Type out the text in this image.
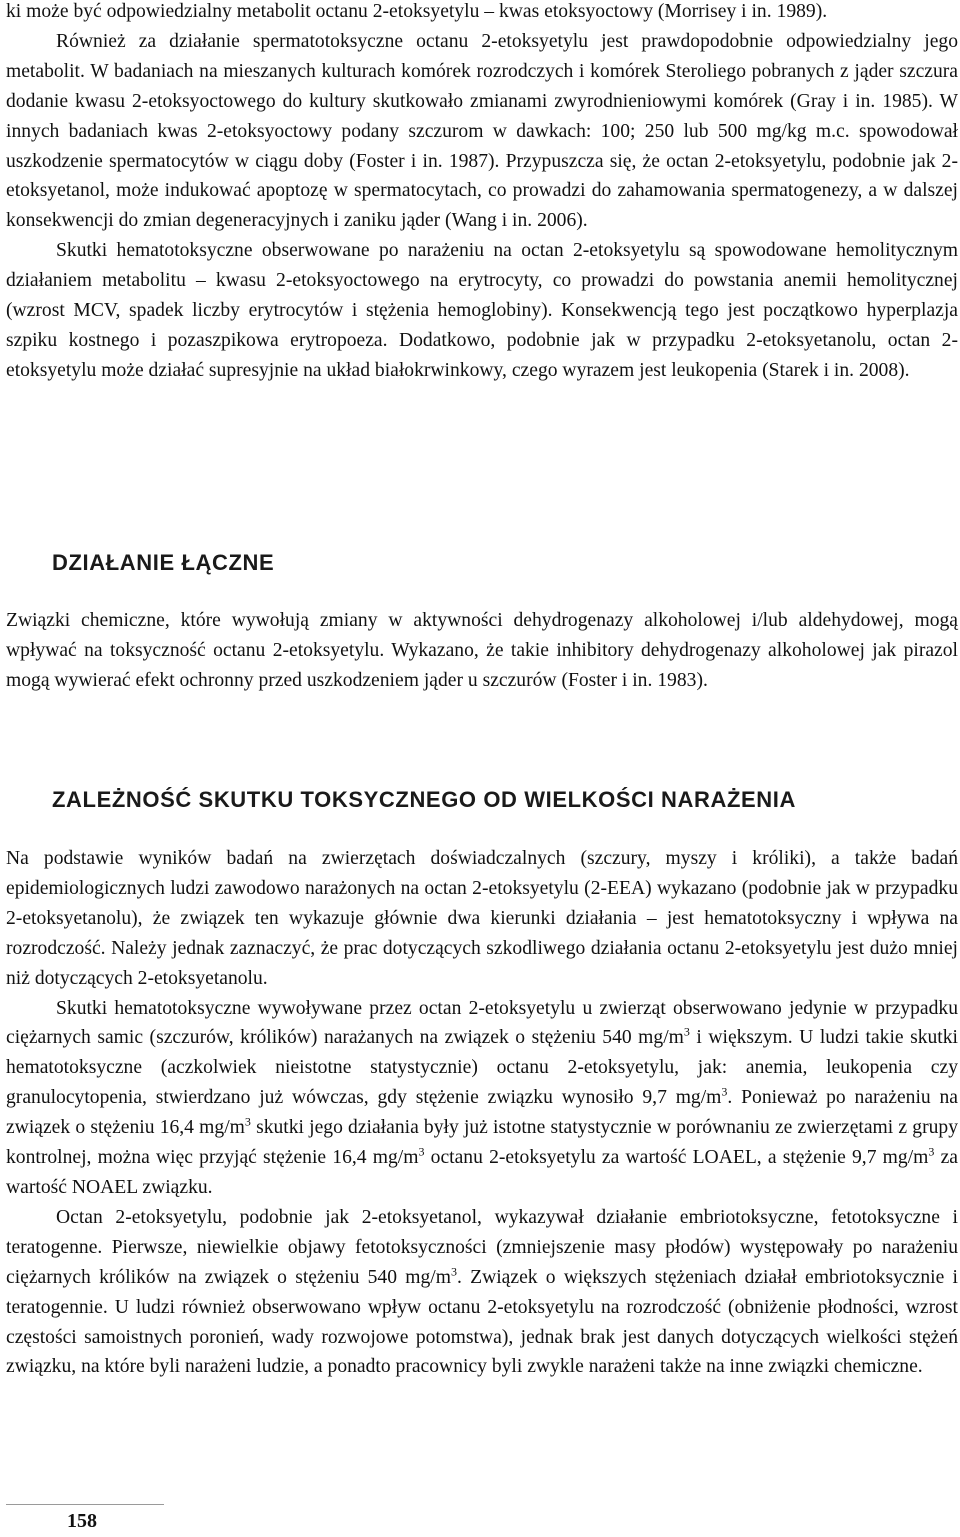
ki może być odpowiedzialny metabolit octanu 2-etoksyetylu – kwas etoksyoctowy (Morrisey i in. 1989).

Również za działanie spermatotoksyczne octanu 2-etoksyetylu jest prawdopodobnie odpowiedzialny jego metabolit. W badaniach na mieszanych kulturach komórek rozrodczych i komórek Steroliego pobranych z jąder szczura dodanie kwasu 2-etoksyoctowego do kultury skutkowało zmianami zwyrodnieniowymi komórek (Gray i in. 1985). W innych badaniach kwas 2-etoksyoctowy podany szczurom w dawkach: 100; 250 lub 500 mg/kg m.c. spowodował uszkodzenie spermatocytów w ciągu doby (Foster i in. 1987). Przypuszcza się, że octan 2-etoksyetylu, podobnie jak 2-etoksyetanol, może indukować apoptozę w spermatocytach, co prowadzi do zahamowania spermatogenezy, a w dalszej konsekwencji do zmian degeneracyjnych i zaniku jąder (Wang i in. 2006).

Skutki hematotoksyczne obserwowane po narażeniu na octan 2-etoksyetylu są spowodowane hemolitycznym działaniem metabolitu – kwasu 2-etoksyoctowego na erytrocyty, co prowadzi do powstania anemii hemolitycznej (wzrost MCV, spadek liczby erytrocytów i stężenia hemoglobiny). Konsekwencją tego jest początkowo hyperplazja szpiku kostnego i pozaszpikowa erytropoeza. Dodatkowo, podobnie jak w przypadku 2-etoksyetanolu, octan 2-etoksyetylu może działać supresyjnie na układ białokrwinkowy, czego wyrazem jest leukopenia (Starek i in. 2008).

DZIAŁANIE ŁĄCZNE

Związki chemiczne, które wywołują zmiany w aktywności dehydrogenazy alkoholowej i/lub aldehydowej, mogą wpływać na toksyczność octanu 2-etoksyetylu. Wykazano, że takie inhibitory dehydrogenazy alkoholowej jak pirazol mogą wywierać efekt ochronny przed uszkodzeniem jąder u szczurów (Foster i in. 1983).

ZALEŻNOŚĆ SKUTKU TOKSYCZNEGO OD WIELKOŚCI NARAŻENIA

Na podstawie wyników badań na zwierzętach doświadczalnych (szczury, myszy i króliki), a także badań epidemiologicznych ludzi zawodowo narażonych na octan 2-etoksyetylu (2-EEA) wykazano (podobnie jak w przypadku 2-etoksyetanolu), że związek ten wykazuje głównie dwa kierunki działania – jest hematotoksyczny i wpływa na rozrodczość. Należy jednak zaznaczyć, że prac dotyczących szkodliwego działania octanu 2-etoksyetylu jest dużo mniej niż dotyczących 2-etoksyetanolu.

Skutki hematotoksyczne wywoływane przez octan 2-etoksyetylu u zwierząt obserwowano jedynie w przypadku ciężarnych samic (szczurów, królików) narażanych na związek o stężeniu 540 $mg/m^3$ i większym. U ludzi takie skutki hematotoksyczne (aczkolwiek nieistotne statystycznie) octanu 2-etoksyetylu, jak: anemia, leukopenia czy granulocytopenia, stwierdzano już wówczas, gdy stężenie związku wynosiło 9,7 $mg/m^3$. Ponieważ po narażeniu na związek o stężeniu 16,4 $mg/m^3$ skutki jego działania były już istotne statystycznie w porównaniu ze zwierzętami z grupy kontrolnej, można więc przyjąć stężenie 16,4 $mg/m^3$ octanu 2-etoksyetylu za wartość LOAEL, a stężenie 9,7 $mg/m^3$ za wartość NOAEL związku.

Octan 2-etoksyetylu, podobnie jak 2-etoksyetanol, wykazywał działanie embriotoksyczne, fetotoksyczne i teratogenne. Pierwsze, niewielkie objawy fetotoksyczności (zmniejszenie masy płodów) występowały po narażeniu ciężarnych królików na związek o stężeniu 540 $mg/m^3$. Związek o większych stężeniach działał embriotoksycznie i teratogennie. U ludzi również obserwowano wpływ octanu 2-etoksyetylu na rozrodczość (obniżenie płodności, wzrost częstości samoistnych poronień, wady rozwojowe potomstwa), jednak brak jest danych dotyczących wielkości stężeń związku, na które byli narażeni ludzie, a ponadto pracownicy byli zwykle narażeni także na inne związki chemiczne.

158
